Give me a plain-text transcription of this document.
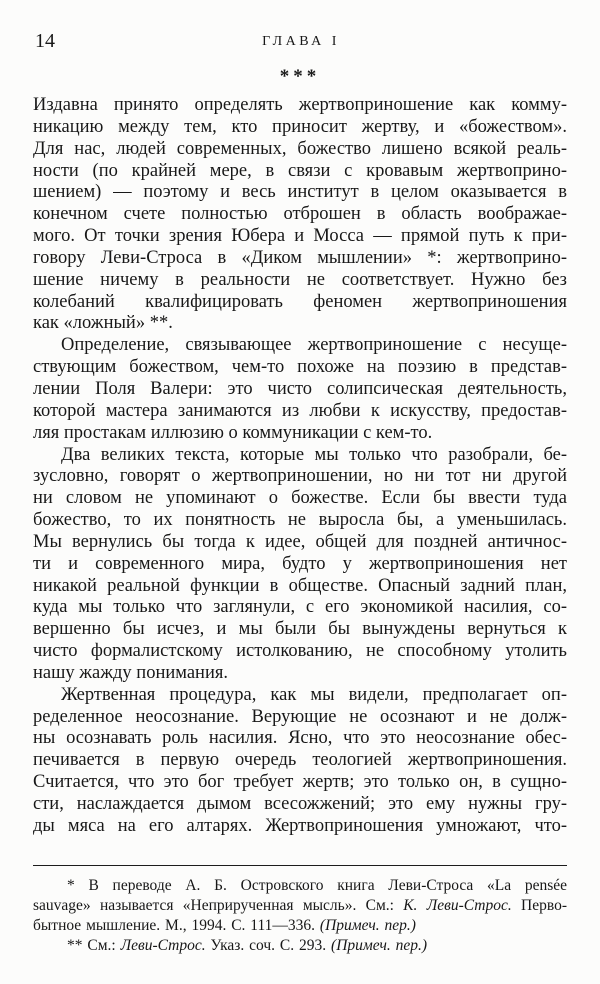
14	ГЛАВА I
***
Издавна принято определять жертвоприношение как комму-
никацию между тем, кто приносит жертву, и «божеством».
Для нас, людей современных, божество лишено всякой реаль-
ности (по крайней мере, в связи с кровавым жертвоприно-
шением) — поэтому и весь институт в целом оказывается в
конечном счете полностью отброшен в область воображае-
мого. От точки зрения Юбера и Мосса — прямой путь к при-
говору Леви-Строса в «Диком мышлении» *: жертвоприно-
шение ничему в реальности не соответствует. Нужно без
колебаний квалифицировать феномен жертвоприношения
как «ложный» **.
Определение, связывающее жертвоприношение с несуще-
ствующим божеством, чем-то похоже на поэзию в представ-
лении Поля Валери: это чисто солипсическая деятельность,
которой мастера занимаются из любви к искусству, предостав-
ляя простакам иллюзию о коммуникации с кем-то.
Два великих текста, которые мы только что разобрали, бе-
зусловно, говорят о жертвоприношении, но ни тот ни другой
ни словом не упоминают о божестве. Если бы ввести туда
божество, то их понятность не выросла бы, а уменьшилась.
Мы вернулись бы тогда к идее, общей для поздней античнос-
ти и современного мира, будто у жертвоприношения нет
никакой реальной функции в обществе. Опасный задний план,
куда мы только что заглянули, с его экономикой насилия, со-
вершенно бы исчез, и мы были бы вынуждены вернуться к
чисто формалистскому истолкованию, не способному утолить
нашу жажду понимания.
Жертвенная процедура, как мы видели, предполагает оп-
ределенное неосознание. Верующие не осознают и не долж-
ны осознавать роль насилия. Ясно, что это неосознание обес-
печивается в первую очередь теологией жертвоприношения.
Считается, что это бог требует жертв; это только он, в сущно-
сти, наслаждается дымом всесожжений; это ему нужны гру-
ды мяса на его алтарях. Жертвоприношения умножают, что-
* В переводе А. Б. Островского книга Леви-Строса «La pensée
sauvage» называется «Неприрученная мысль». См.: К. Леви-Строс. Перво-
бытное мышление. М., 1994. С. 111—336. (Примеч. пер.)
** См.: Леви-Строс. Указ. соч. С. 293. (Примеч. пер.)
